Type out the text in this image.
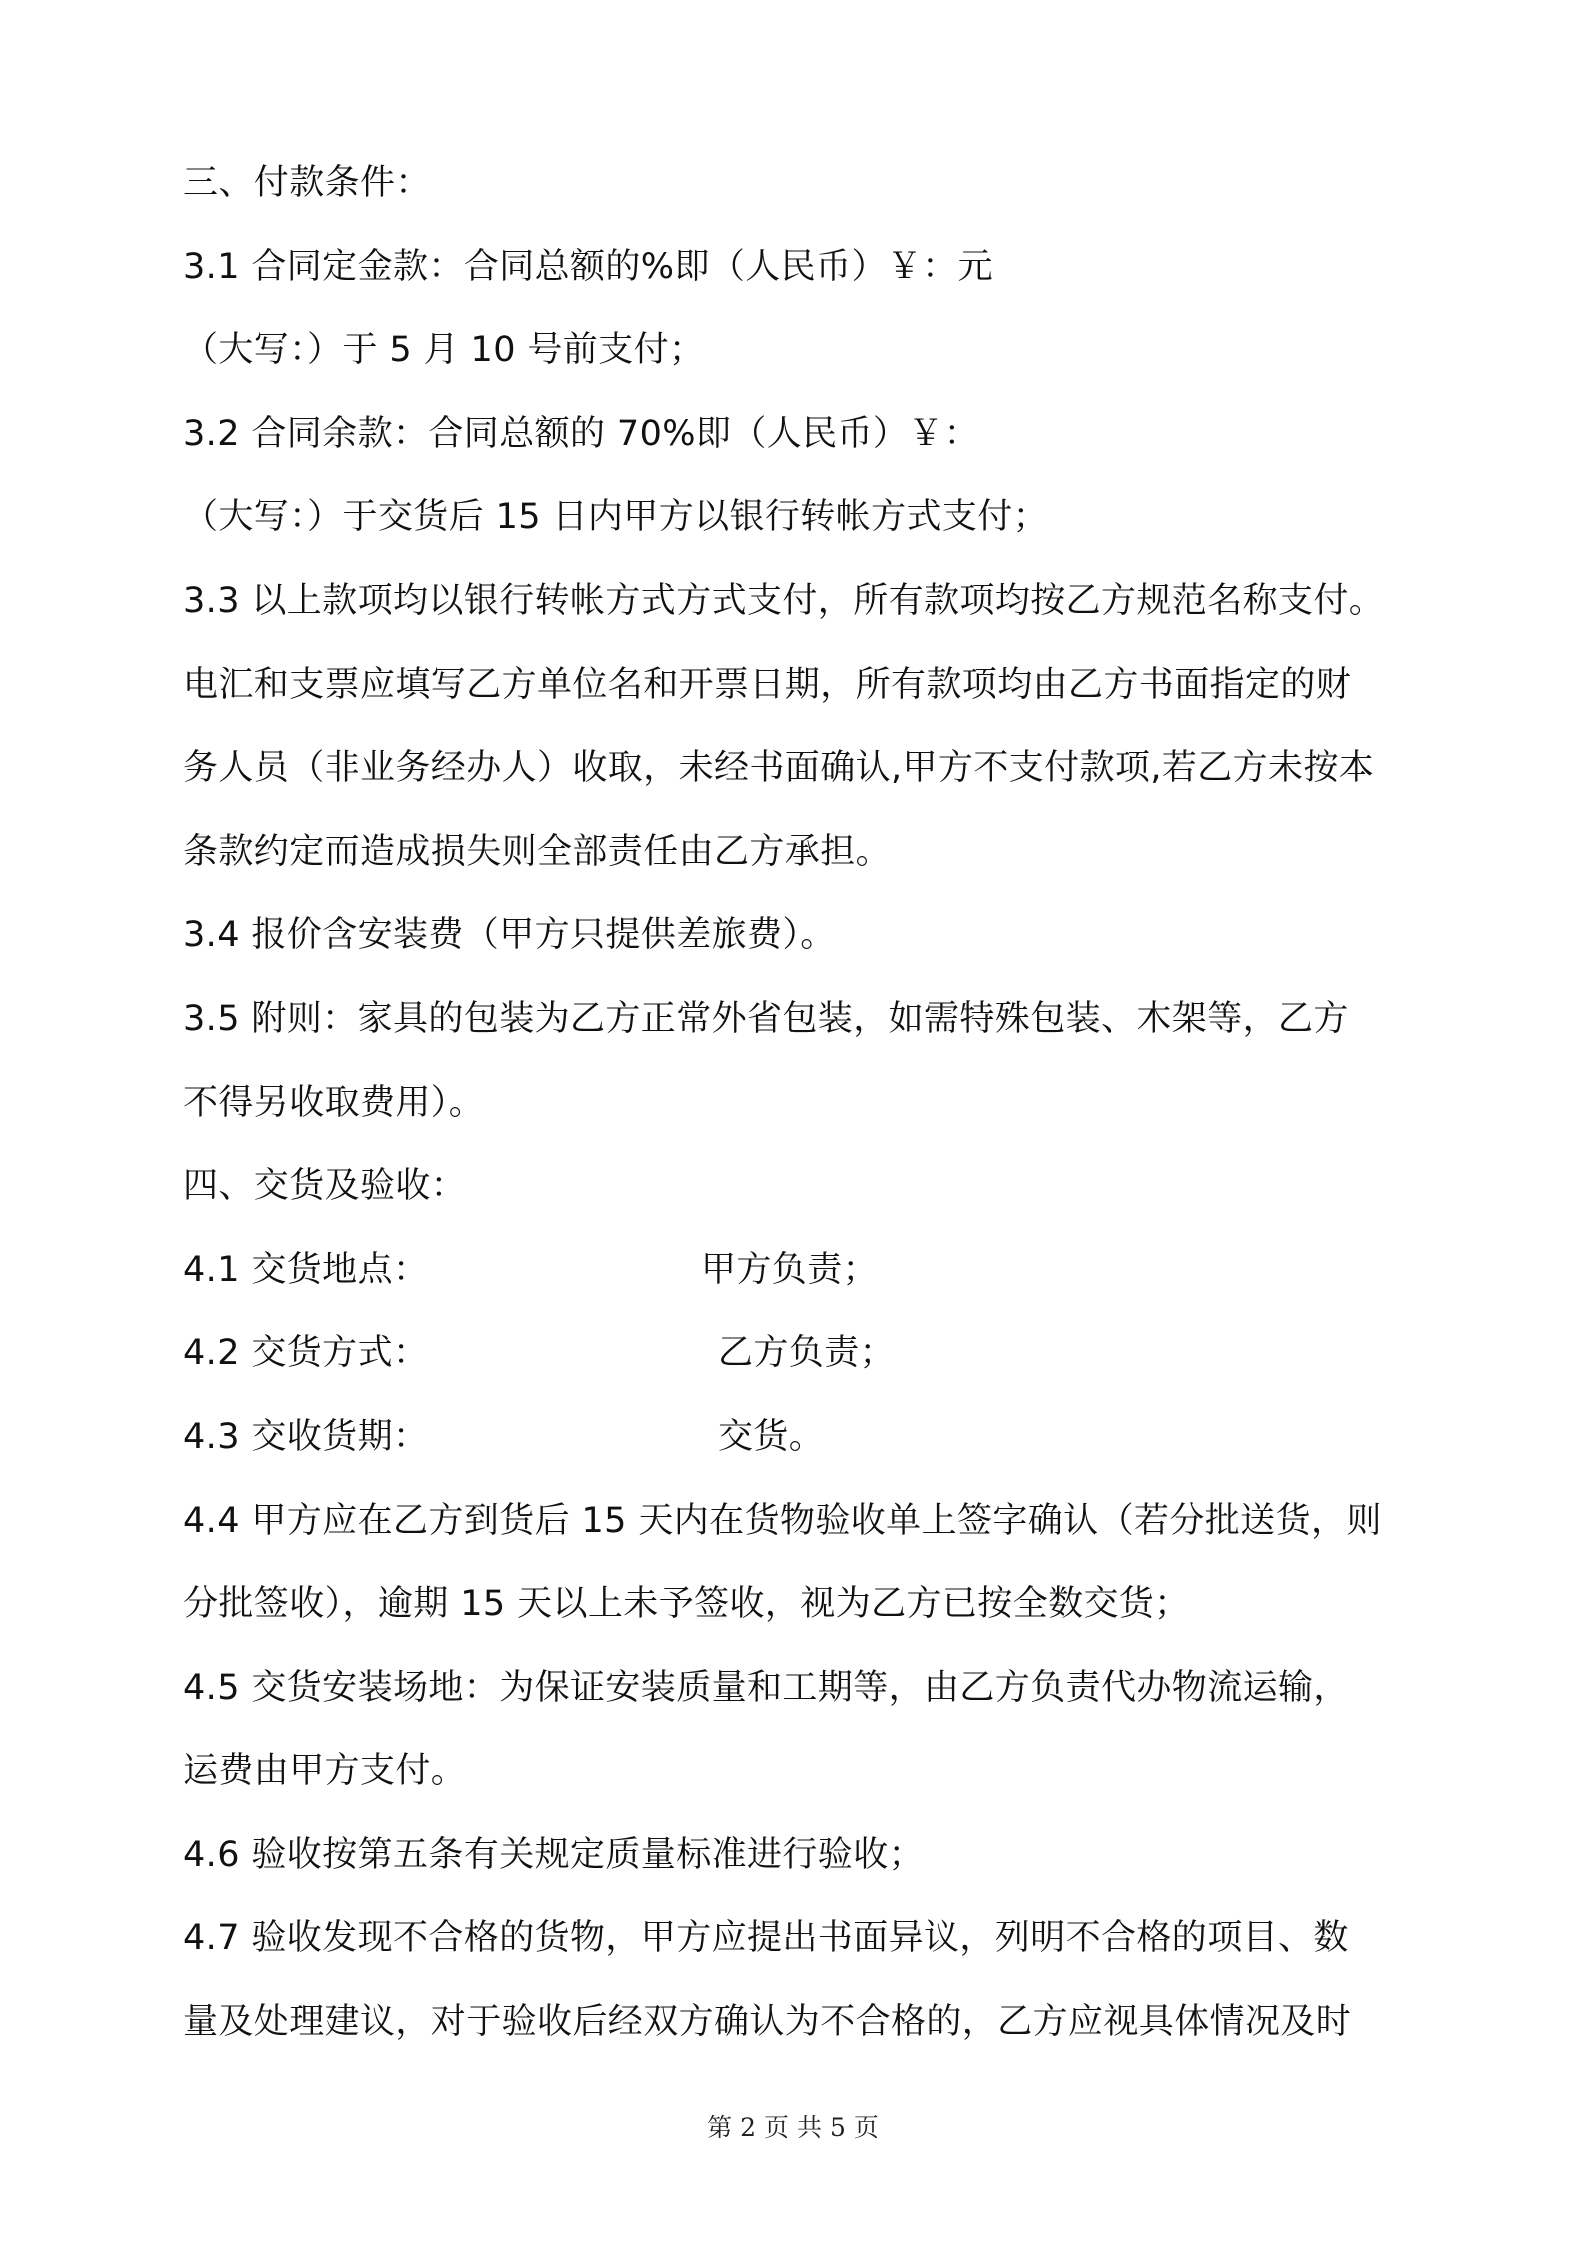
三、付款条件：
3.1 合同定金款：合同总额的%即（人民币）￥：元
（大写：）于 5 月 10 号前支付；
3.2 合同余款：合同总额的 70%即（人民币）￥：
（大写：）于交货后 15 日内甲方以银行转帐方式支付；
3.3 以上款项均以银行转帐方式方式支付，所有款项均按乙方规范名称支付。
电汇和支票应填写乙方单位名和开票日期，所有款项均由乙方书面指定的财
务人员（非业务经办人）收取，未经书面确认,甲方不支付款项,若乙方未按本
条款约定而造成损失则全部责任由乙方承担。
3.4 报价含安装费（甲方只提供差旅费）。
3.5 附则：家具的包装为乙方正常外省包装，如需特殊包装、木架等，乙方
不得另收取费用）。
四、交货及验收：
4.1 交货地点：	甲方负责；
4.2 交货方式：	乙方负责；
4.3 交收货期：	交货。
4.4 甲方应在乙方到货后 15 天内在货物验收单上签字确认（若分批送货，则
分批签收），逾期 15 天以上未予签收，视为乙方已按全数交货；
4.5 交货安装场地：为保证安装质量和工期等，由乙方负责代办物流运输，
运费由甲方支付。
4.6 验收按第五条有关规定质量标准进行验收；
4.7 验收发现不合格的货物，甲方应提出书面异议，列明不合格的项目、数
量及处理建议，对于验收后经双方确认为不合格的，乙方应视具体情况及时
第 2 页 共 5 页
